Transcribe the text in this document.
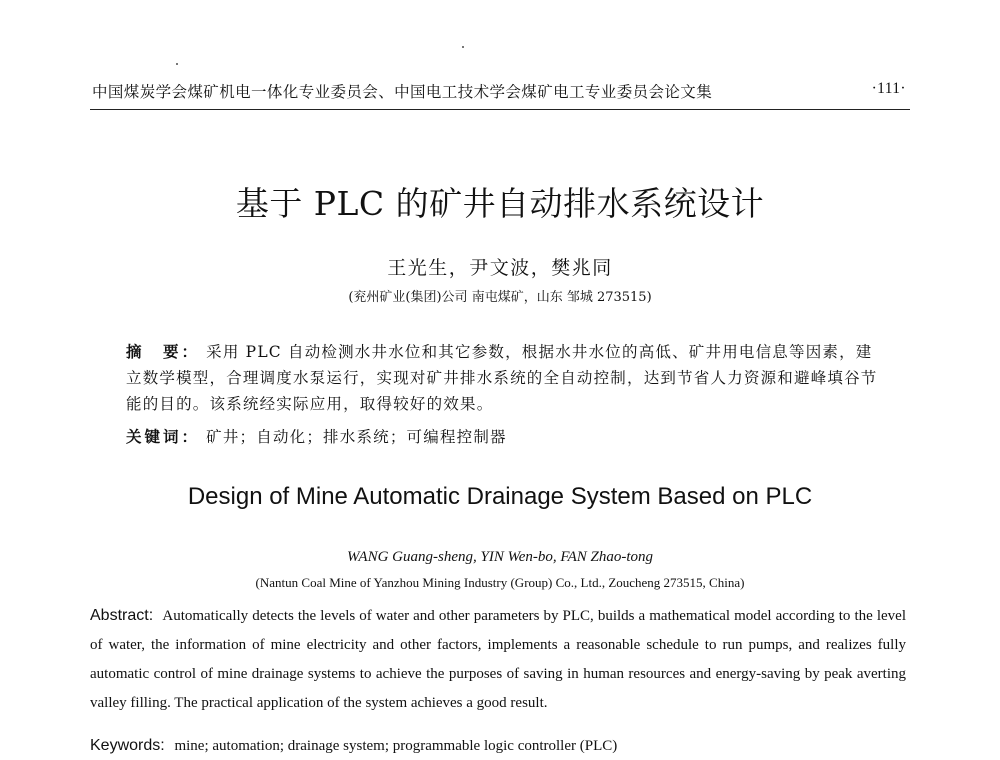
中国煤炭学会煤矿机电一体化专业委员会、中国电工技术学会煤矿电工专业委员会论文集	·111·
基于 PLC 的矿井自动排水系统设计
王光生，尹文波，樊兆同
(兖州矿业(集团)公司 南屯煤矿，山东 邹城 273515)
摘　要： 采用 PLC 自动检测水井水位和其它参数，根据水井水位的高低、矿井用电信息等因素，建立数学模型，合理调度水泵运行，实现对矿井排水系统的全自动控制，达到节省人力资源和避峰填谷节能的目的。该系统经实际应用，取得较好的效果。
关键词： 矿井；自动化；排水系统；可编程控制器
Design of Mine Automatic Drainage System Based on PLC
WANG Guang-sheng, YIN Wen-bo, FAN Zhao-tong
(Nantun Coal Mine of Yanzhou Mining Industry (Group) Co., Ltd., Zoucheng 273515, China)
Abstract: Automatically detects the levels of water and other parameters by PLC, builds a mathematical model according to the level of water, the information of mine electricity and other factors, implements a reasonable schedule to run pumps, and realizes fully automatic control of mine drainage systems to achieve the purposes of saving in human resources and energy-saving by peak averting valley filling. The practical application of the system achieves a good result.
Keywords: mine; automation; drainage system; programmable logic controller (PLC)
